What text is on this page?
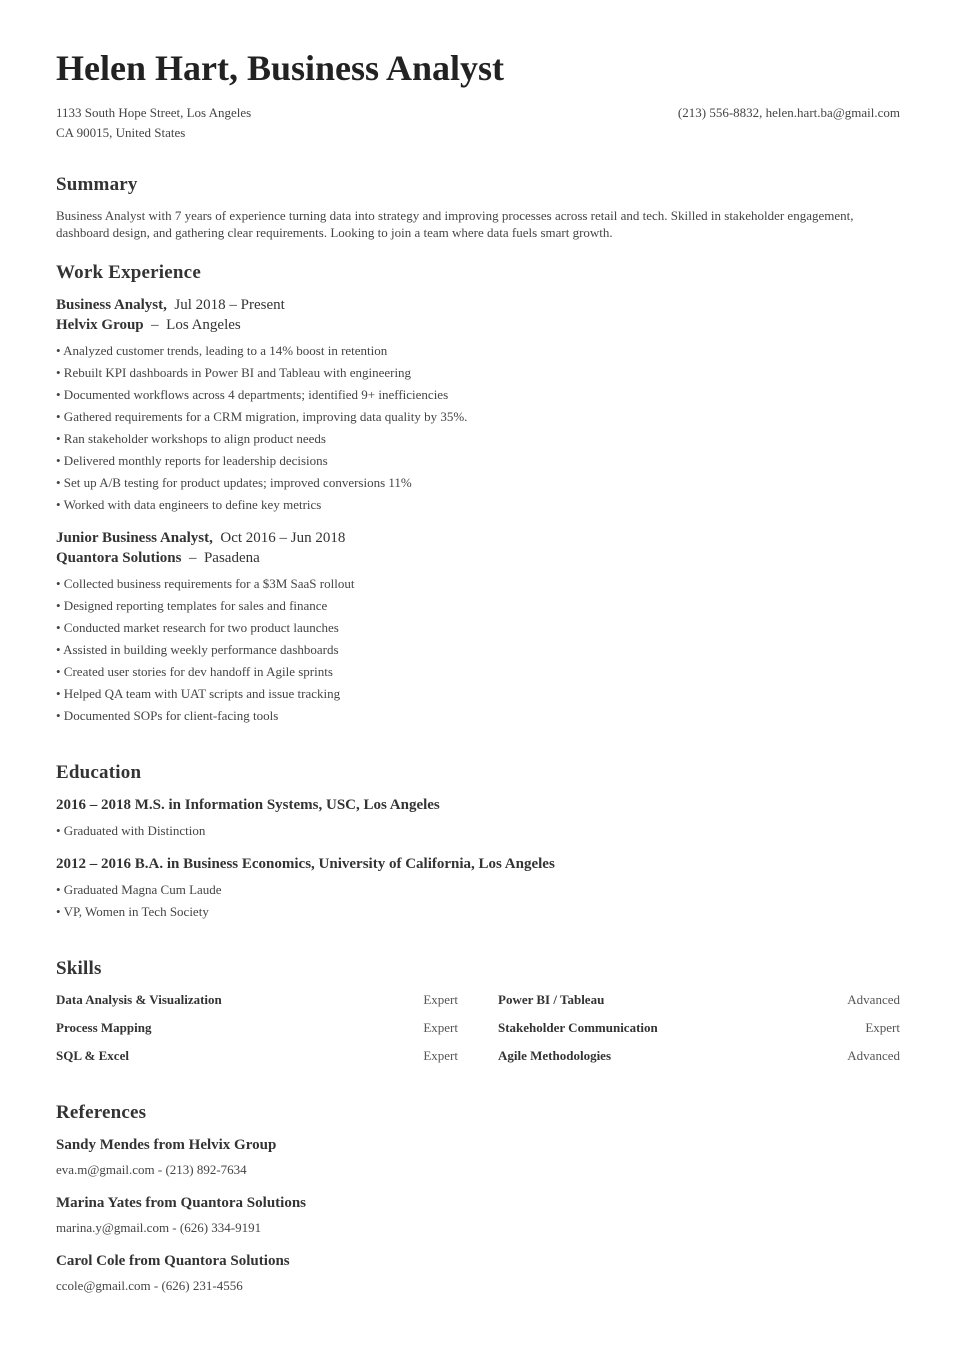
Helen Hart, Business Analyst
1133 South Hope Street, Los Angeles
CA 90015, United States
(213) 556-8832, helen.hart.ba@gmail.com
Summary
Business Analyst with 7 years of experience turning data into strategy and improving processes across retail and tech. Skilled in stakeholder engagement, dashboard design, and gathering clear requirements. Looking to join a team where data fuels smart growth.
Work Experience
Business Analyst, Jul 2018 – Present
Helvix Group – Los Angeles
• Analyzed customer trends, leading to a 14% boost in retention
• Rebuilt KPI dashboards in Power BI and Tableau with engineering
• Documented workflows across 4 departments; identified 9+ inefficiencies
• Gathered requirements for a CRM migration, improving data quality by 35%.
• Ran stakeholder workshops to align product needs
• Delivered monthly reports for leadership decisions
• Set up A/B testing for product updates; improved conversions 11%
• Worked with data engineers to define key metrics
Junior Business Analyst, Oct 2016 – Jun 2018
Quantora Solutions – Pasadena
• Collected business requirements for a $3M SaaS rollout
• Designed reporting templates for sales and finance
• Conducted market research for two product launches
• Assisted in building weekly performance dashboards
• Created user stories for dev handoff in Agile sprints
• Helped QA team with UAT scripts and issue tracking
• Documented SOPs for client-facing tools
Education
2016 – 2018 M.S. in Information Systems, USC, Los Angeles
• Graduated with Distinction
2012 – 2016 B.A. in Business Economics, University of California, Los Angeles
• Graduated Magna Cum Laude
• VP, Women in Tech Society
Skills
Data Analysis & Visualization	Expert	Power BI / Tableau	Advanced
Process Mapping	Expert	Stakeholder Communication	Expert
SQL & Excel	Expert	Agile Methodologies	Advanced
References
Sandy Mendes from Helvix Group
eva.m@gmail.com - (213) 892-7634
Marina Yates from Quantora Solutions
marina.y@gmail.com - (626) 334-9191
Carol Cole from Quantora Solutions
ccole@gmail.com - (626) 231-4556
